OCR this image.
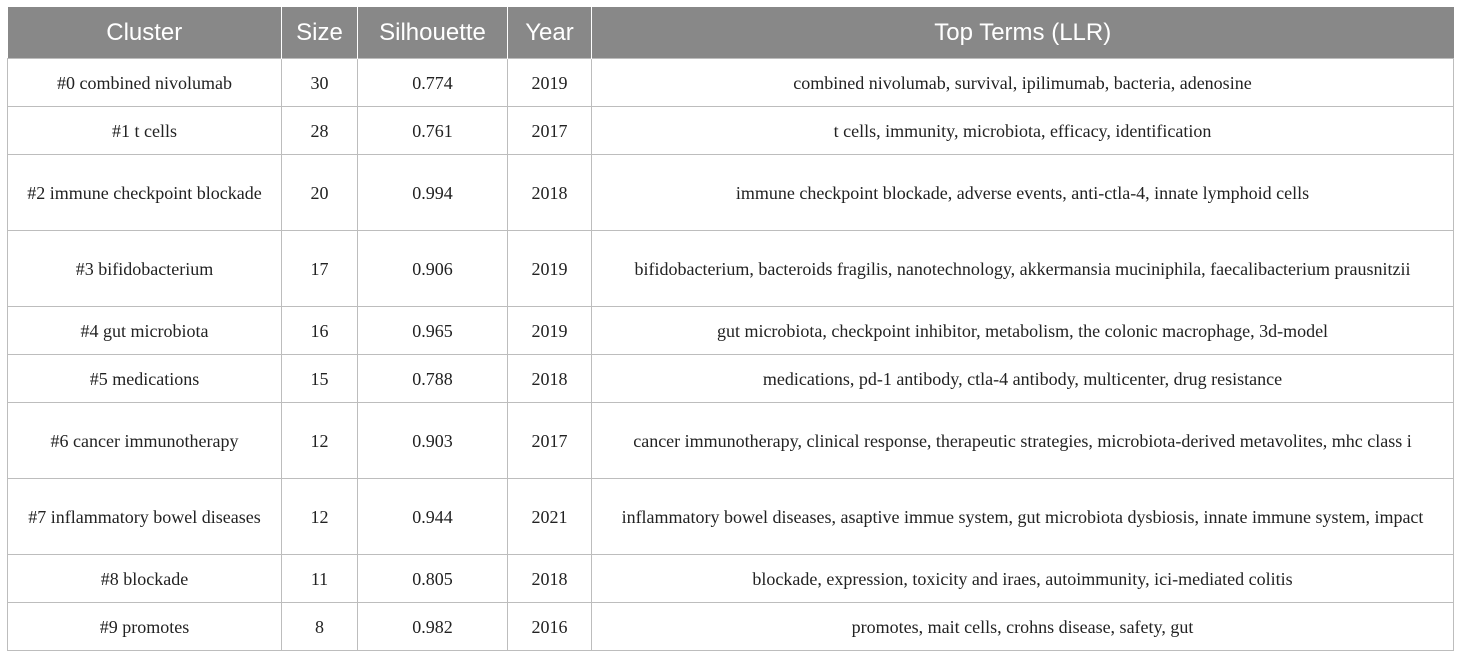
Cluster	Size	Silhouette	Year	Top Terms (LLR)
#0 combined nivolumab	30	0.774	2019	combined nivolumab, survival, ipilimumab, bacteria, adenosine
#1 t cells	28	0.761	2017	t cells, immunity, microbiota, efficacy, identification
#2 immune checkpoint blockade	20	0.994	2018	immune checkpoint blockade, adverse events, anti-ctla-4, innate lymphoid cells
#3 bifidobacterium	17	0.906	2019	bifidobacterium, bacteroids fragilis, nanotechnology, akkermansia muciniphila, faecalibacterium prausnitzii
#4 gut microbiota	16	0.965	2019	gut microbiota, checkpoint inhibitor, metabolism, the colonic macrophage, 3d-model
#5 medications	15	0.788	2018	medications, pd-1 antibody, ctla-4 antibody, multicenter, drug resistance
#6 cancer immunotherapy	12	0.903	2017	cancer immunotherapy, clinical response, therapeutic strategies, microbiota-derived metavolites, mhc class i
#7 inflammatory bowel diseases	12	0.944	2021	inflammatory bowel diseases, asaptive immue system, gut microbiota dysbiosis, innate immune system, impact
#8 blockade	11	0.805	2018	blockade, expression, toxicity and iraes, autoimmunity, ici-mediated colitis
#9 promotes	8	0.982	2016	promotes, mait cells, crohns disease, safety, gut
